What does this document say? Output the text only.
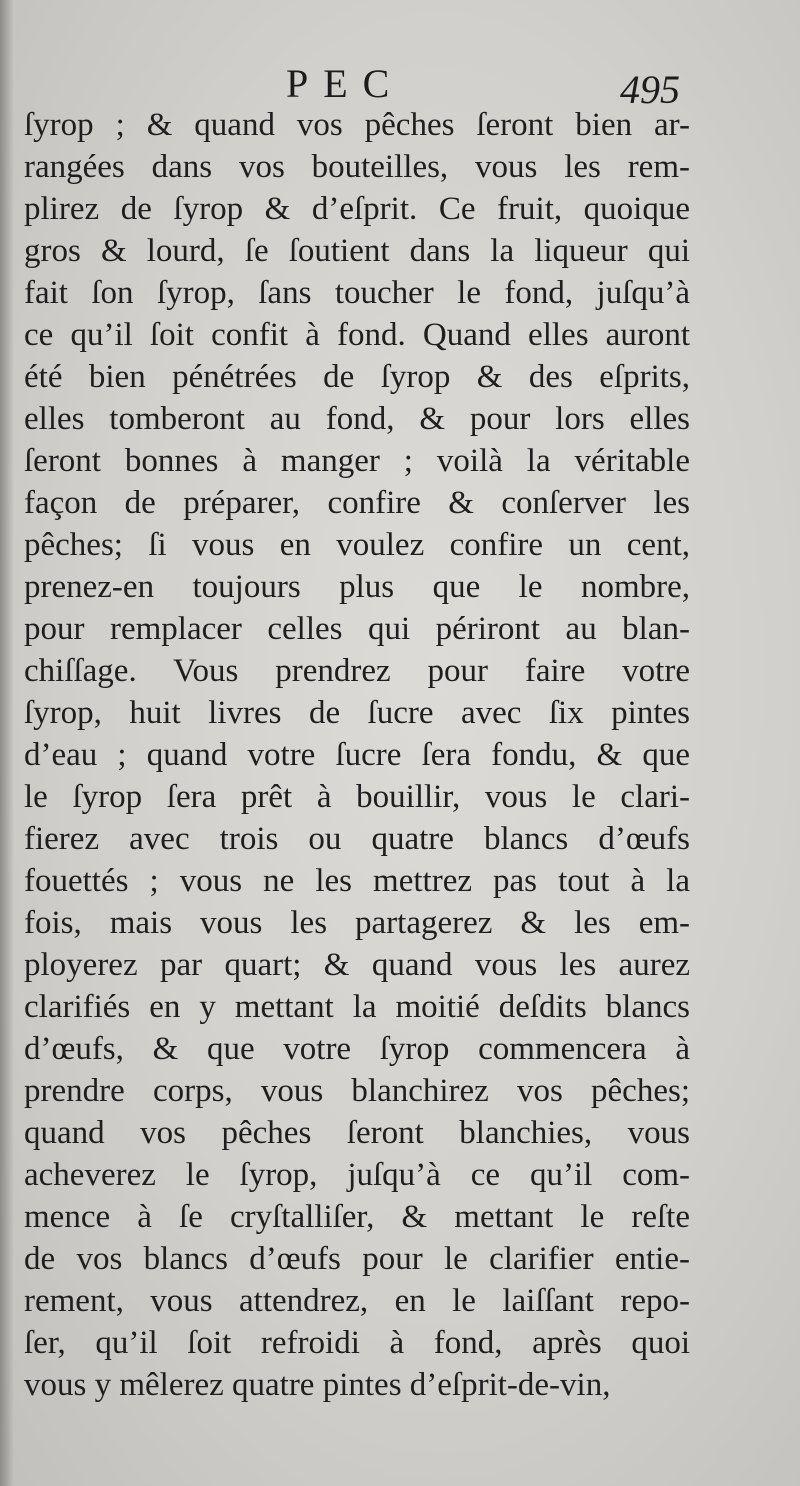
PEC	495
ſyrop ; & quand vos pêches ſeront bien ar-
rangées dans vos bouteilles, vous les rem-
plirez de ſyrop & d’eſprit. Ce fruit, quoique
gros & lourd, ſe ſoutient dans la liqueur qui
fait ſon ſyrop, ſans toucher le fond, juſqu’à
ce qu’il ſoit confit à fond. Quand elles auront
été bien pénétrées de ſyrop & des eſprits,
elles tomberont au fond, & pour lors elles
ſeront bonnes à manger ; voilà la véritable
façon de préparer, confire & conſerver les
pêches; ſi vous en voulez confire un cent,
prenez-en toujours plus que le nombre,
pour remplacer celles qui périront au blan-
chiſſage. Vous prendrez pour faire votre
ſyrop, huit livres de ſucre avec ſix pintes
d’eau ; quand votre ſucre ſera fondu, & que
le ſyrop ſera prêt à bouillir, vous le clari-
fierez avec trois ou quatre blancs d’œufs
fouettés ; vous ne les mettrez pas tout à la
fois, mais vous les partagerez & les em-
ployerez par quart; & quand vous les aurez
clarifiés en y mettant la moitié deſdits blancs
d’œufs, & que votre ſyrop commencera à
prendre corps, vous blanchirez vos pêches;
quand vos pêches ſeront blanchies, vous
acheverez le ſyrop, juſqu’à ce qu’il com-
mence à ſe cryſtalliſer, & mettant le reſte
de vos blancs d’œufs pour le clarifier entie-
rement, vous attendrez, en le laiſſant repo-
ſer, qu’il ſoit refroidi à fond, après quoi
vous y mêlerez quatre pintes d’eſprit-de-vin,
